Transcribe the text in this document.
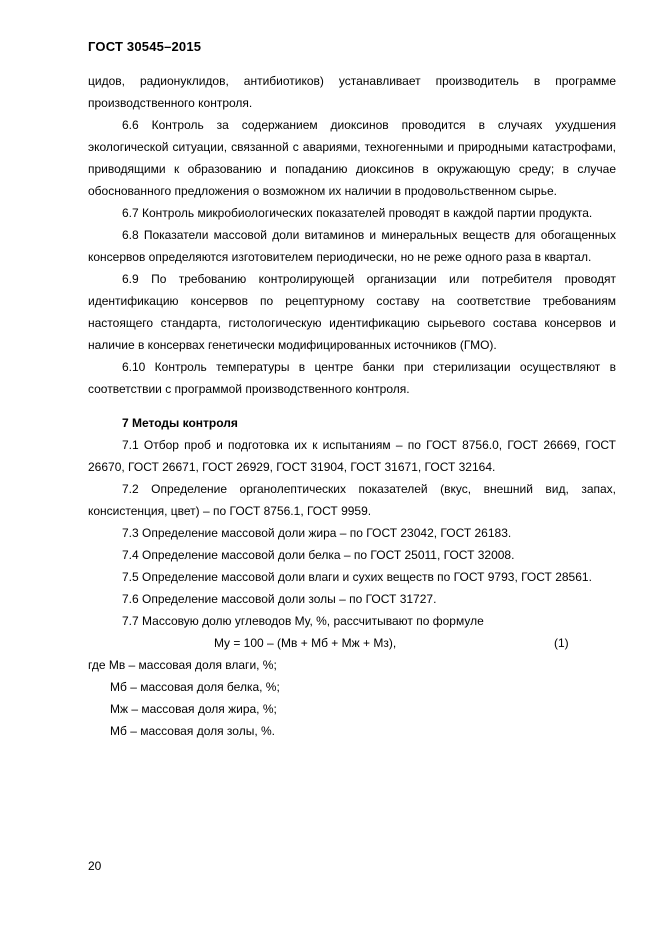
ГОСТ 30545–2015

цидов, радионуклидов, антибиотиков) устанавливает производитель в программе производственного контроля.

6.6 Контроль за содержанием диоксинов проводится в случаях ухудшения экологической ситуации, связанной с авариями, техногенными и природными катастрофами, приводящими к образованию и попаданию диоксинов в окружающую среду; в случае обоснованного предложения о возможном их наличии в продовольственном сырье.

6.7 Контроль микробиологических показателей проводят в каждой партии продукта.

6.8 Показатели массовой доли витаминов и минеральных веществ для обогащенных консервов определяются изготовителем периодически, но не реже одного раза в квартал.

6.9 По требованию контролирующей организации или потребителя проводят идентификацию консервов по рецептурному составу на соответствие требованиям настоящего стандарта, гистологическую идентификацию сырьевого состава консервов и наличие в консервах генетически модифицированных источников (ГМО).

6.10 Контроль температуры в центре банки при стерилизации осуществляют в соответствии с программой производственного контроля.

7 Методы контроля

7.1 Отбор проб и подготовка их к испытаниям – по ГОСТ 8756.0, ГОСТ 26669, ГОСТ 26670, ГОСТ 26671, ГОСТ 26929, ГОСТ 31904, ГОСТ 31671, ГОСТ 32164.

7.2 Определение органолептических показателей (вкус, внешний вид, запах, консистенция, цвет) – по ГОСТ 8756.1, ГОСТ 9959.

7.3 Определение массовой доли жира – по ГОСТ 23042, ГОСТ 26183.

7.4 Определение массовой доли белка – по ГОСТ 25011, ГОСТ 32008.

7.5 Определение массовой доли влаги и сухих веществ по ГОСТ 9793, ГОСТ 28561.

7.6 Определение массовой доли золы – по ГОСТ 31727.

7.7 Массовую долю углеводов Mу, %, рассчитывают по формуле

Mу = 100 – (Mв + Mб + Mж + Mз),	(1)

где Mв – массовая доля влаги, %;

Mб – массовая доля белка, %;

Mж – массовая доля жира, %;

Mб – массовая доля золы, %.

20
